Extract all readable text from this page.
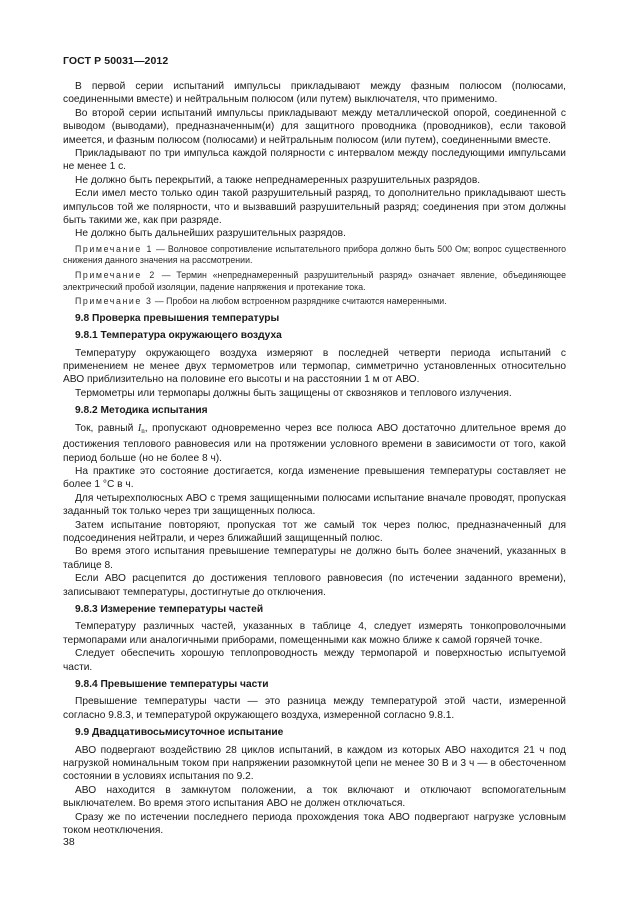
ГОСТ Р 50031—2012

В первой серии испытаний импульсы прикладывают между фазным полюсом (полюсами, соединенными вместе) и нейтральным полюсом (или путем) выключателя, что применимо.

Во второй серии испытаний импульсы прикладывают между металлической опорой, соединенной с выводом (выводами), предназначенным(и) для защитного проводника (проводников), если таковой имеется, и фазным полюсом (полюсами) и нейтральным полюсом (или путем), соединенными вместе.

Прикладывают по три импульса каждой полярности с интервалом между последующими импульсами не менее 1 с.

Не должно быть перекрытий, а также непреднамеренных разрушительных разрядов.

Если имел место только один такой разрушительный разряд, то дополнительно прикладывают шесть импульсов той же полярности, что и вызвавший разрушительный разряд; соединения при этом должны быть такими же, как при разряде.

Не должно быть дальнейших разрушительных разрядов.

Примечание 1 — Волновое сопротивление испытательного прибора должно быть 500 Ом; вопрос существенного снижения данного значения на рассмотрении.

Примечание 2 — Термин «непреднамеренный разрушительный разряд» означает явление, объединяющее электрический пробой изоляции, падение напряжения и протекание тока.

Примечание 3 — Пробои на любом встроенном разряднике считаются намеренными.

9.8 Проверка превышения температуры

9.8.1 Температура окружающего воздуха

Температуру окружающего воздуха измеряют в последней четверти периода испытаний с применением не менее двух термометров или термопар, симметрично установленных относительно АВО приблизительно на половине его высоты и на расстоянии 1 м от АВО.

Термометры или термопары должны быть защищены от сквозняков и теплового излучения.

9.8.2 Методика испытания

Ток, равный $I_n$, пропускают одновременно через все полюса АВО достаточно длительное время до достижения теплового равновесия или на протяжении условного времени в зависимости от того, какой период больше (но не более 8 ч).

На практике это состояние достигается, когда изменение превышения температуры составляет не более 1 °С в ч.

Для четырехполюсных АВО с тремя защищенными полюсами испытание вначале проводят, пропуская заданный ток только через три защищенных полюса.

Затем испытание повторяют, пропуская тот же самый ток через полюс, предназначенный для подсоединения нейтрали, и через ближайший защищенный полюс.

Во время этого испытания превышение температуры не должно быть более значений, указанных в таблице 8.

Если АВО расцепится до достижения теплового равновесия (по истечении заданного времени), записывают температуры, достигнутые до отключения.

9.8.3 Измерение температуры частей

Температуру различных частей, указанных в таблице 4, следует измерять тонкопроволочными термопарами или аналогичными приборами, помещенными как можно ближе к самой горячей точке.

Следует обеспечить хорошую теплопроводность между термопарой и поверхностью испытуемой части.

9.8.4 Превышение температуры части

Превышение температуры части — это разница между температурой этой части, измеренной согласно 9.8.3, и температурой окружающего воздуха, измеренной согласно 9.8.1.

9.9 Двадцативосьмисуточное испытание

АВО подвергают воздействию 28 циклов испытаний, в каждом из которых АВО находится 21 ч под нагрузкой номинальным током при напряжении разомкнутой цепи не менее 30 В и 3 ч — в обесточенном состоянии в условиях испытания по 9.2.

АВО находится в замкнутом положении, а ток включают и отключают вспомогательным выключателем. Во время этого испытания АВО не должен отключаться.

Сразу же по истечении последнего периода прохождения тока АВО подвергают нагрузке условным током неотключения.

38
